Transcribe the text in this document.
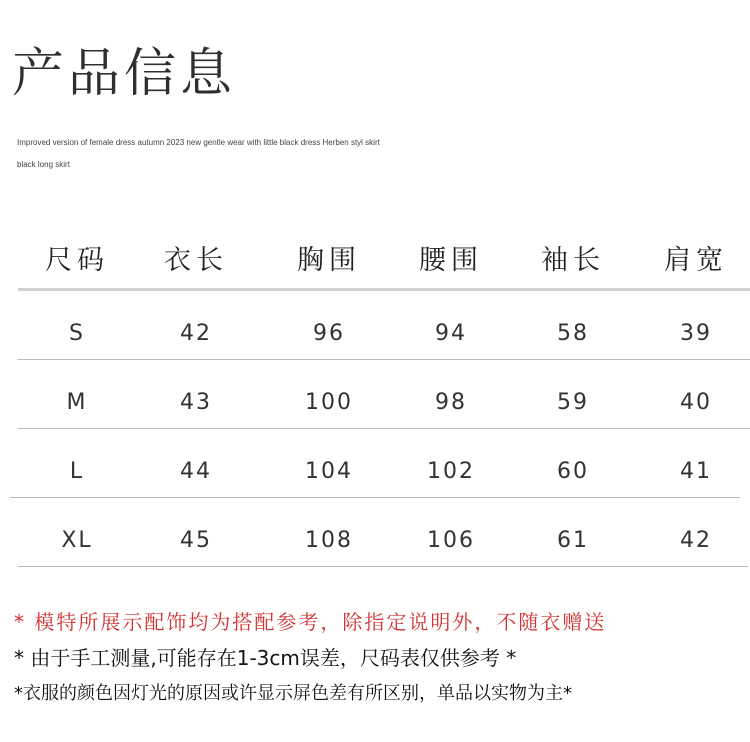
产品信息
Improved version of female dress autumn 2023 new gentle wear with little black dress Herben styl skirt black long skirt
尺码	衣长	胸围	腰围	袖长	肩宽
S	42	96	94	58	39
M	43	100	98	59	40
L	44	104	102	60	41
XL	45	108	106	61	42

* 模特所展示配饰均为搭配参考，除指定说明外，不随衣赠送

* 由于手工测量,可能存在1-3cm误差，尺码表仅供参考 *

*衣服的颜色因灯光的原因或许显示屏色差有所区别，单品以实物为主*
